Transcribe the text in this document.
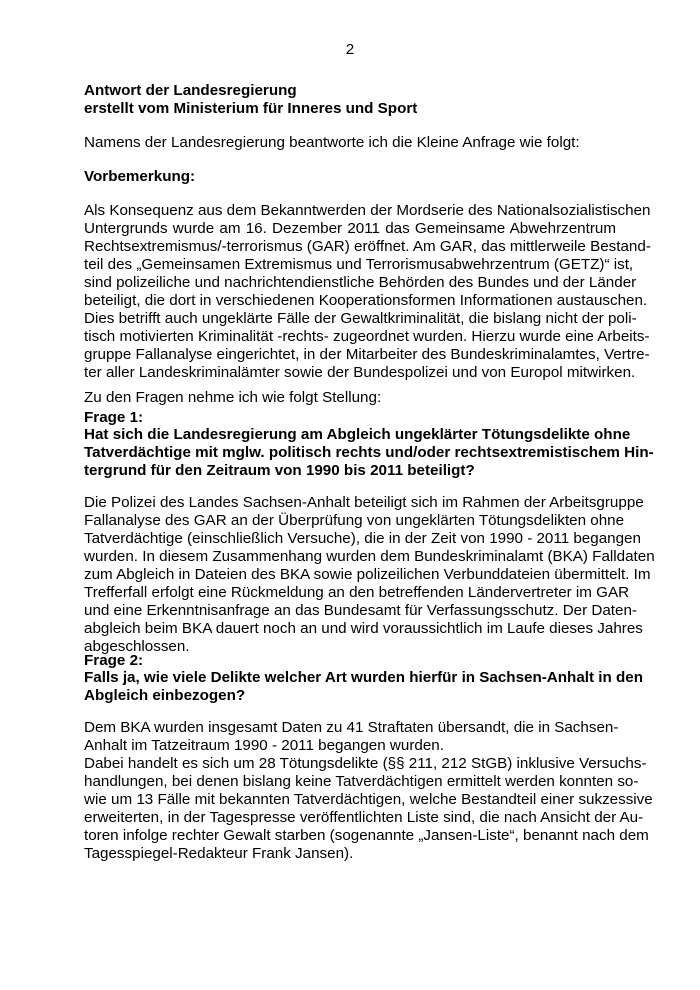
2
Antwort der Landesregierung
erstellt vom Ministerium für Inneres und Sport
Namens der Landesregierung beantworte ich die Kleine Anfrage wie folgt:
Vorbemerkung:
Als Konsequenz aus dem Bekanntwerden der Mordserie des Nationalsozialistischen
Untergrunds wurde am 16. Dezember 2011 das Gemeinsame Abwehrzentrum
Rechtsextremismus/-terrorismus (GAR) eröffnet. Am GAR, das mittlerweile Bestand-
teil des „Gemeinsamen Extremismus und Terrorismusabwehrzentrum (GETZ)“ ist,
sind polizeiliche und nachrichtendienstliche Behörden des Bundes und der Länder
beteiligt, die dort in verschiedenen Kooperationsformen Informationen austauschen.
Dies betrifft auch ungeklärte Fälle der Gewaltkriminalität, die bislang nicht der poli-
tisch motivierten Kriminalität -rechts- zugeordnet wurden. Hierzu wurde eine Arbeits-
gruppe Fallanalyse eingerichtet, in der Mitarbeiter des Bundeskriminalamtes, Vertre-
ter aller Landeskriminalämter sowie der Bundespolizei und von Europol mitwirken.
Zu den Fragen nehme ich wie folgt Stellung:
Frage 1:
Hat sich die Landesregierung am Abgleich ungeklärter Tötungsdelikte ohne
Tatverdächtige mit mglw. politisch rechts und/oder rechtsextremistischem Hin-
tergrund für den Zeitraum von 1990 bis 2011 beteiligt?
Die Polizei des Landes Sachsen-Anhalt beteiligt sich im Rahmen der Arbeitsgruppe
Fallanalyse des GAR an der Überprüfung von ungeklärten Tötungsdelikten ohne
Tatverdächtige (einschließlich Versuche), die in der Zeit von 1990 - 2011 begangen
wurden. In diesem Zusammenhang wurden dem Bundeskriminalamt (BKA) Falldaten
zum Abgleich in Dateien des BKA sowie polizeilichen Verbunddateien übermittelt. Im
Trefferfall erfolgt eine Rückmeldung an den betreffenden Ländervertreter im GAR
und eine Erkenntnisanfrage an das Bundesamt für Verfassungsschutz. Der Daten-
abgleich beim BKA dauert noch an und wird voraussichtlich im Laufe dieses Jahres
abgeschlossen.
Frage 2:
Falls ja, wie viele Delikte welcher Art wurden hierfür in Sachsen-Anhalt in den
Abgleich einbezogen?
Dem BKA wurden insgesamt Daten zu 41 Straftaten übersandt, die in Sachsen-
Anhalt im Tatzeitraum 1990 - 2011 begangen wurden.
Dabei handelt es sich um 28 Tötungsdelikte (§§ 211, 212 StGB) inklusive Versuchs-
handlungen, bei denen bislang keine Tatverdächtigen ermittelt werden konnten so-
wie um 13 Fälle mit bekannten Tatverdächtigen, welche Bestandteil einer sukzessive
erweiterten, in der Tagespresse veröffentlichten Liste sind, die nach Ansicht der Au-
toren infolge rechter Gewalt starben (sogenannte „Jansen-Liste“, benannt nach dem
Tagesspiegel-Redakteur Frank Jansen).
